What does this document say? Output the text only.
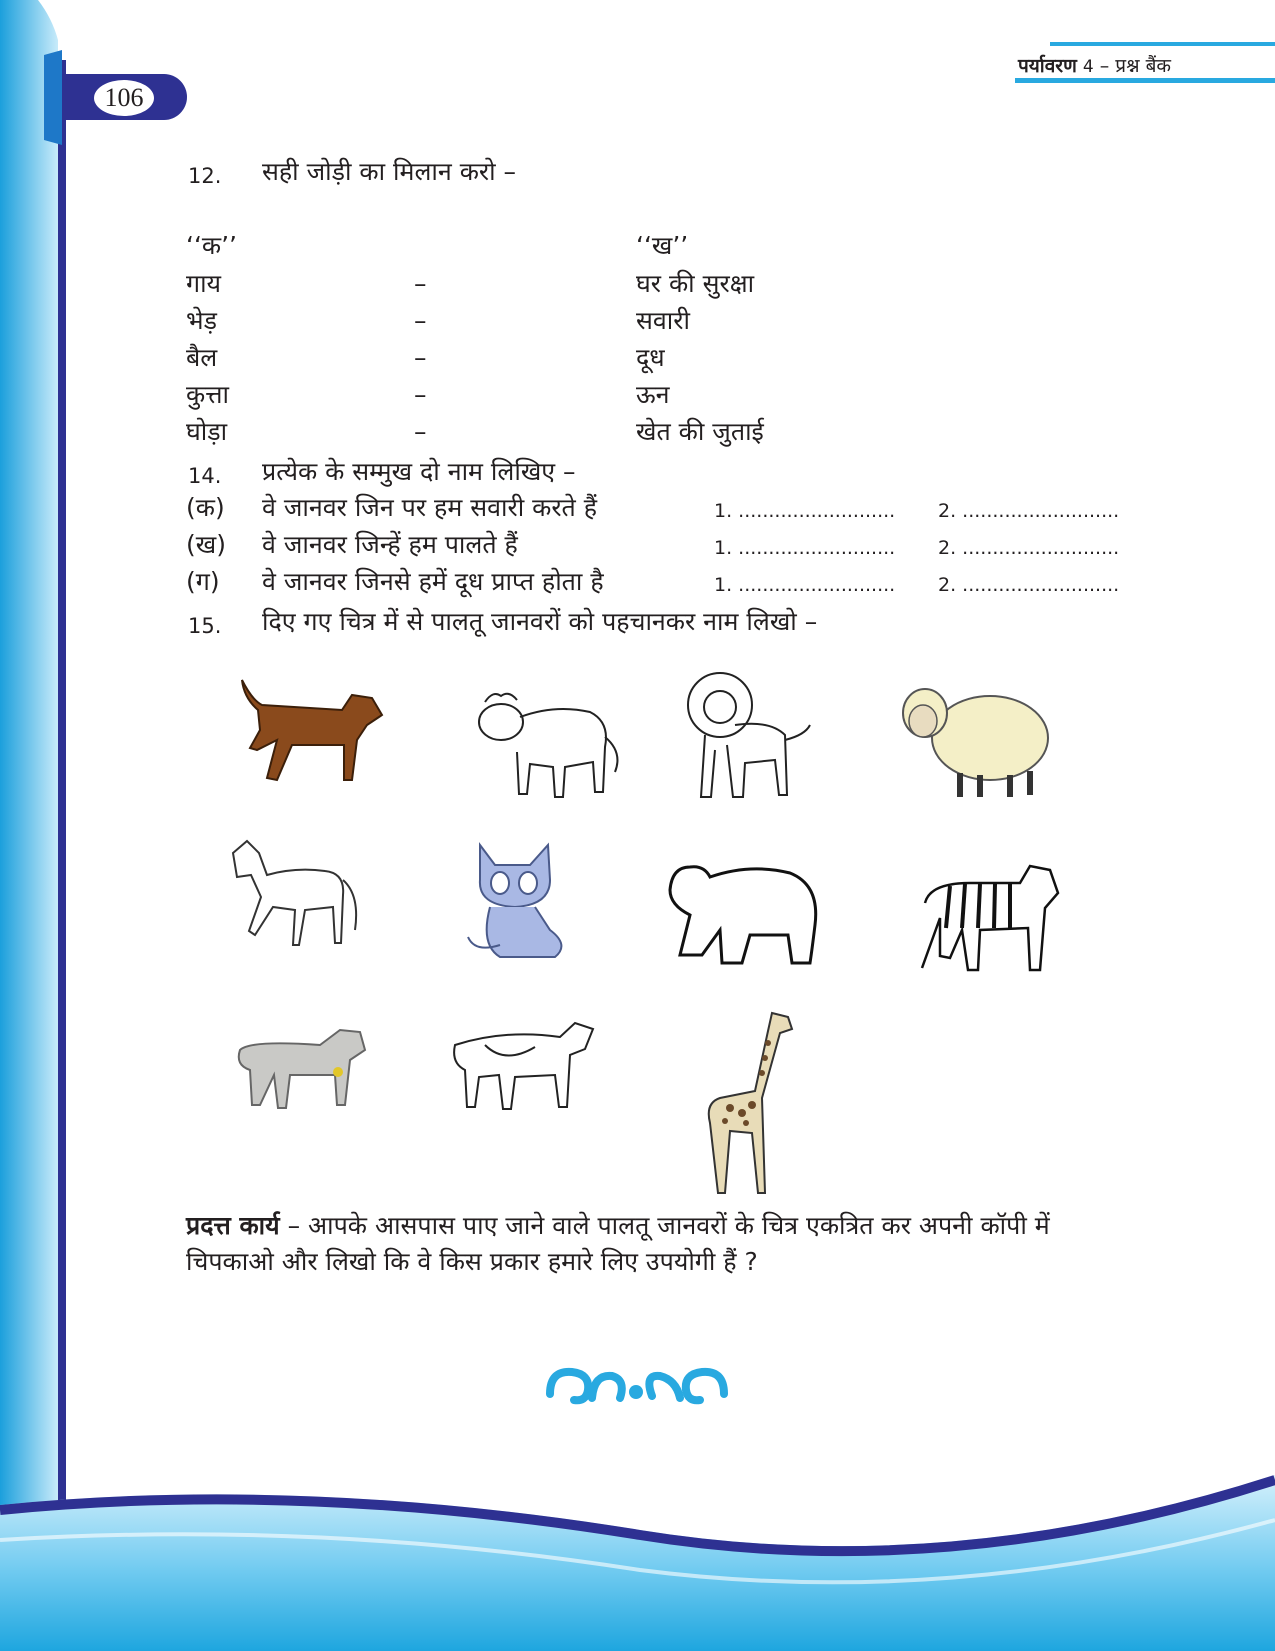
106
पर्यावरण 4 – प्रश्न बैंक
12. सही जोड़ी का मिलान करो –
‘‘क’’	‘‘ख’’
गाय	–	घर की सुरक्षा
भेड़	–	सवारी
बैल	–	दूध
कुत्ता	–	ऊन
घोड़ा	–	खेत की जुताई
14. प्रत्येक के सम्मुख दो नाम लिखिए –
(क) वे जानवर जिन पर हम सवारी करते हैं	1. .......................... 2. ..........................
(ख) वे जानवर जिन्हें हम पालते हैं	1. .......................... 2. ..........................
(ग) वे जानवर जिनसे हमें दूध प्राप्त होता है	1. .......................... 2. ..........................
15. दिए गए चित्र में से पालतू जानवरों को पहचानकर नाम लिखो –
प्रदत्त कार्य – आपके आसपास पाए जाने वाले पालतू जानवरों के चित्र एकत्रित कर अपनी कॉपी में
चिपकाओ और लिखो कि वे किस प्रकार हमारे लिए उपयोगी हैं ?
